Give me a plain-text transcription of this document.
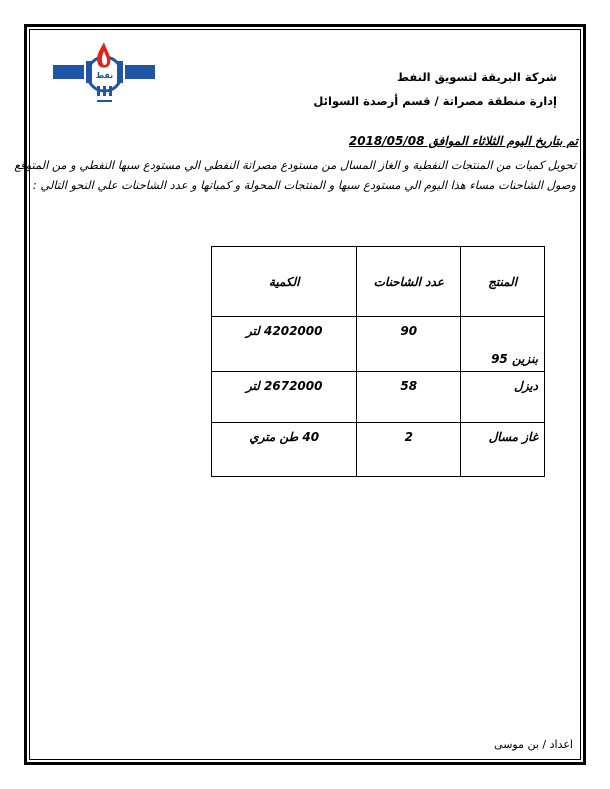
نفط	شركة البريقة لتسويق النفط
إدارة منطقة مصراتة / قسم أرصدة السوائل
تم بتاريخ اليوم الثلاثاء الموافق 2018/05/08
تحويل كميات من المنتجات النفطية و الغاز المسال من مستودع مصراتة النفطي الي مستودع سبها النفطي و من المتوقع
وصول الشاحنات مساء هذا اليوم الي مستودع سبها و المنتجات المحولة و كمياتها و عدد الشاحنات علي النحو التالي :
المنتج	عدد الشاحنات	الكمية
بنزين 95	90	4202000 لتر
ديزل	58	2672000 لتر
غاز مسال	2	40 طن متري
اعداد / بن موسى
